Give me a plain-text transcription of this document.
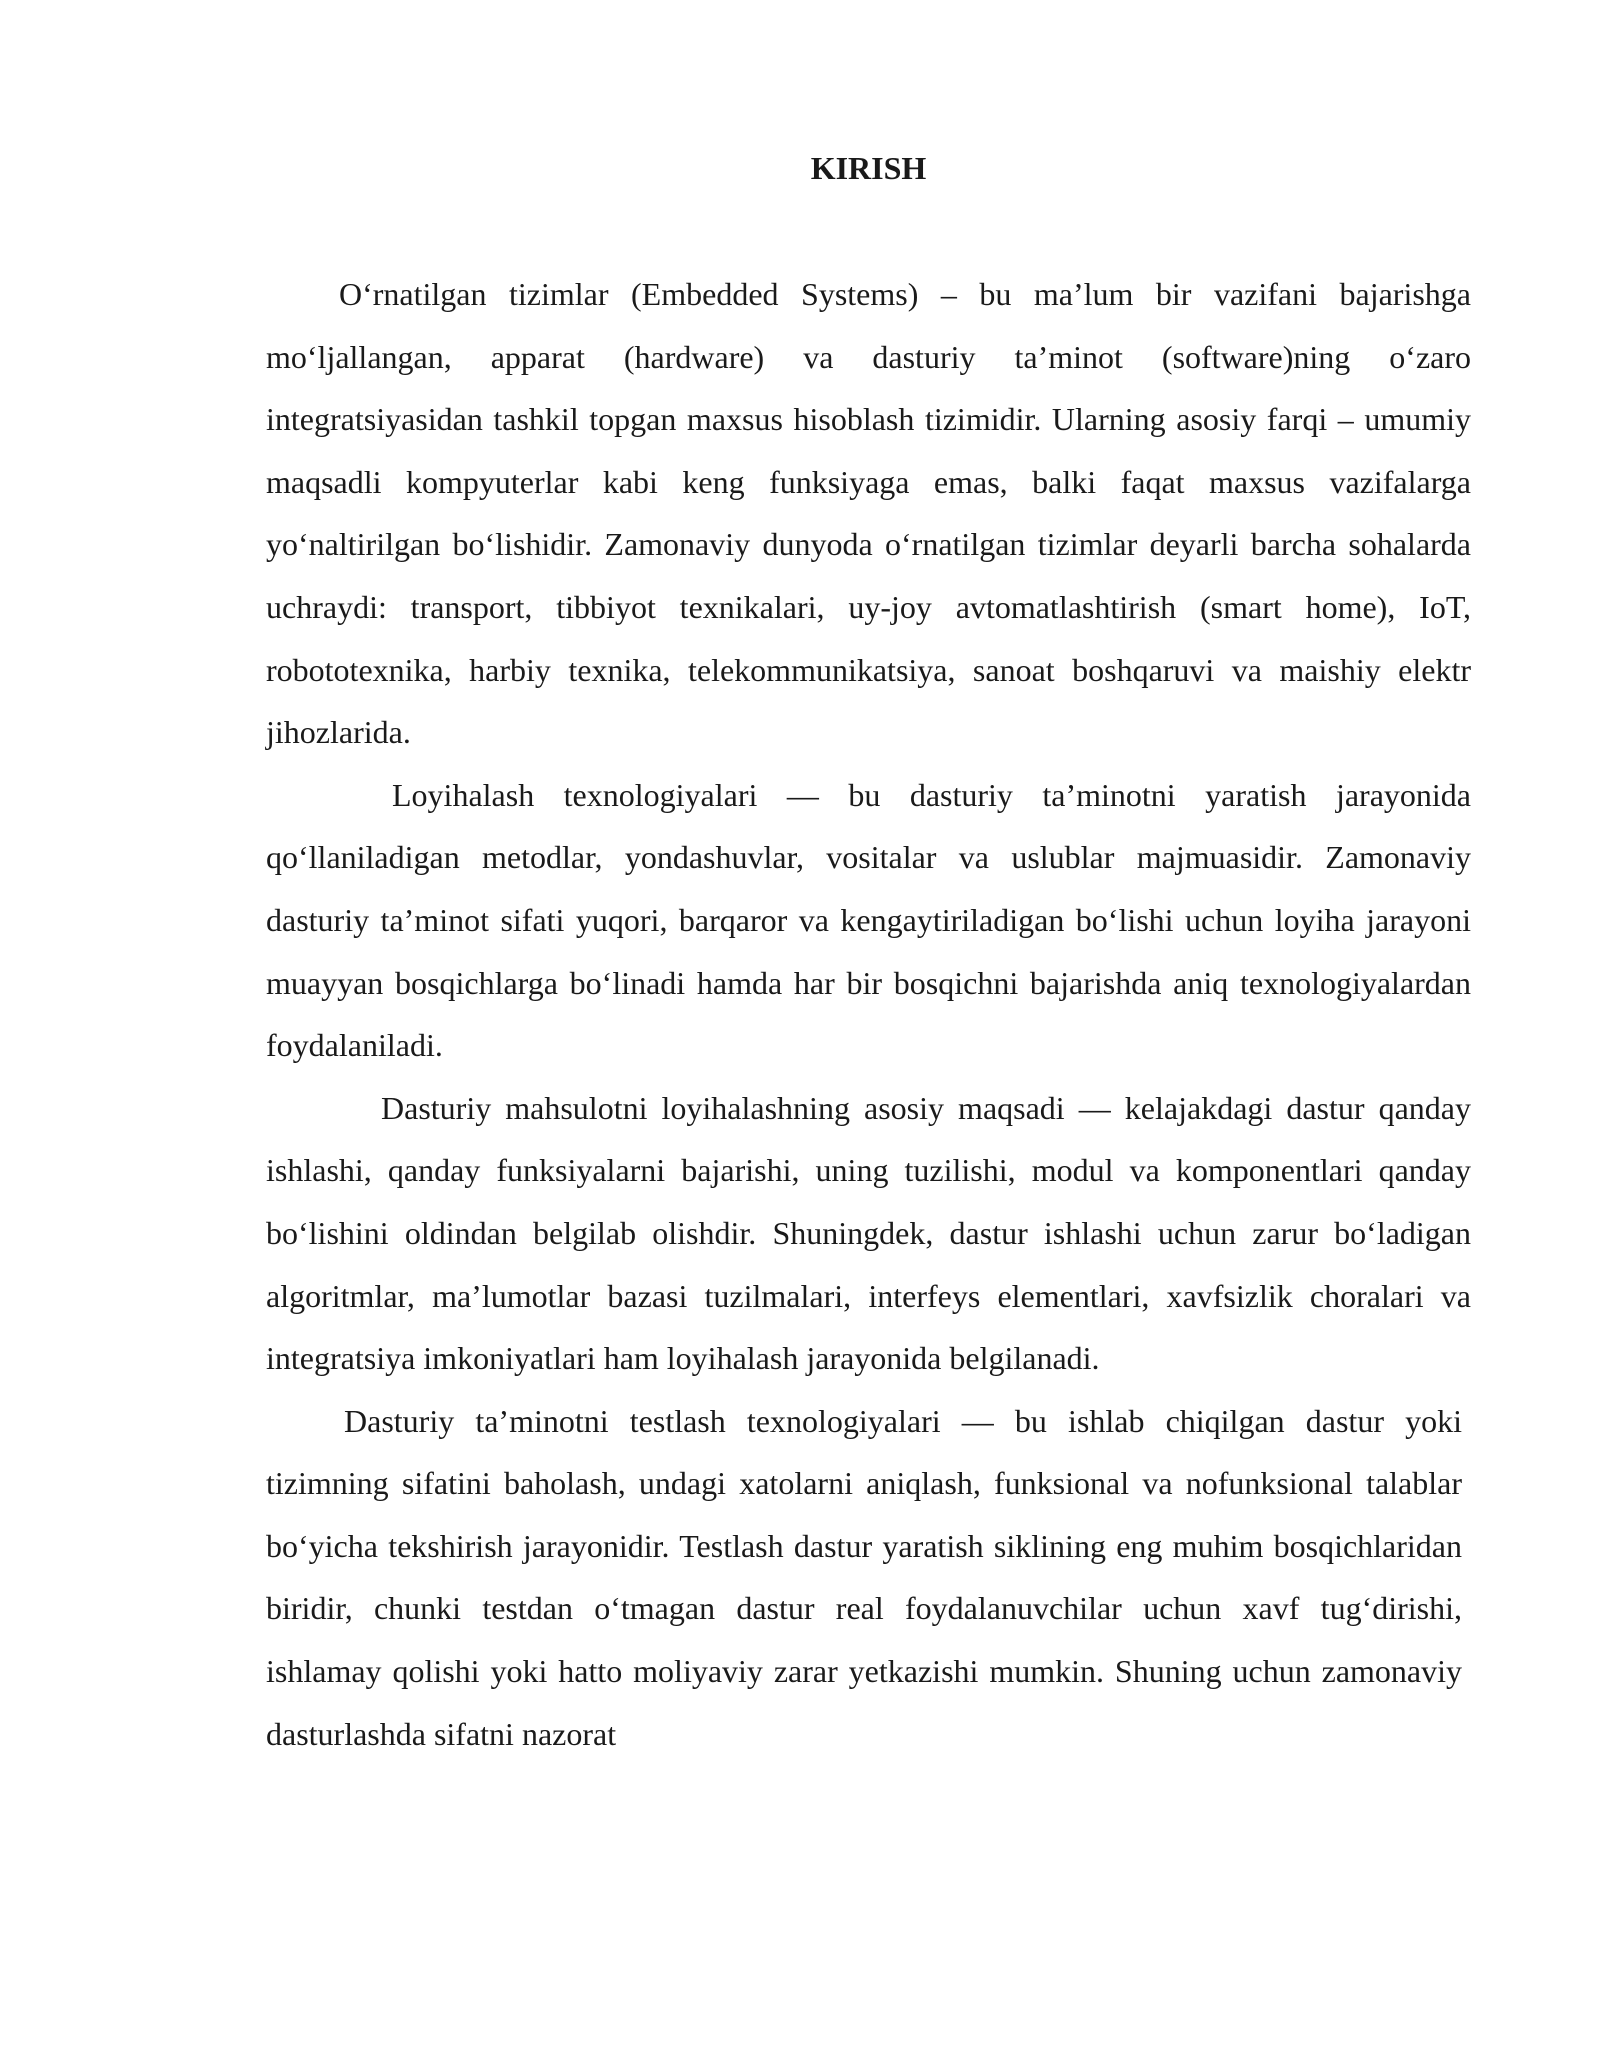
KIRISH

O‘rnatilgan tizimlar (Embedded Systems) – bu ma’lum bir vazifani bajarishga mo‘ljallangan, apparat (hardware) va dasturiy ta’minot (software)ning o‘zaro integratsiyasidan tashkil topgan maxsus hisoblash tizimidir. Ularning asosiy farqi – umumiy maqsadli kompyuterlar kabi keng funksiyaga emas, balki faqat maxsus vazifalarga yo‘naltirilgan bo‘lishidir. Zamonaviy dunyoda o‘rnatilgan tizimlar deyarli barcha sohalarda uchraydi: transport, tibbiyot texnikalari, uy-joy avtomatlashtirish (smart home), IoT, robototexnika, harbiy texnika, telekommunikatsiya, sanoat boshqaruvi va maishiy elektr jihozlarida.

Loyihalash texnologiyalari — bu dasturiy ta’minotni yaratish jarayonida qo‘llaniladigan metodlar, yondashuvlar, vositalar va uslublar majmuasidir. Zamonaviy dasturiy ta’minot sifati yuqori, barqaror va kengaytiriladigan bo‘lishi uchun loyiha jarayoni muayyan bosqichlarga bo‘linadi hamda har bir bosqichni bajarishda aniq texnologiyalardan foydalaniladi.

Dasturiy mahsulotni loyihalashning asosiy maqsadi — kelajakdagi dastur qanday ishlashi, qanday funksiyalarni bajarishi, uning tuzilishi, modul va komponentlari qanday bo‘lishini oldindan belgilab olishdir. Shuningdek, dastur ishlashi uchun zarur bo‘ladigan algoritmlar, ma’lumotlar bazasi tuzilmalari, interfeys elementlari, xavfsizlik choralari va integratsiya imkoniyatlari ham loyihalash jarayonida belgilanadi.

Dasturiy ta’minotni testlash texnologiyalari — bu ishlab chiqilgan dastur yoki tizimning sifatini baholash, undagi xatolarni aniqlash, funksional va nofunksional talablar bo‘yicha tekshirish jarayonidir. Testlash dastur yaratish siklining eng muhim bosqichlaridan biridir, chunki testdan o‘tmagan dastur real foydalanuvchilar uchun xavf tug‘dirishi, ishlamay qolishi yoki hatto moliyaviy zarar yetkazishi mumkin. Shuning uchun zamonaviy dasturlashda sifatni nazorat
